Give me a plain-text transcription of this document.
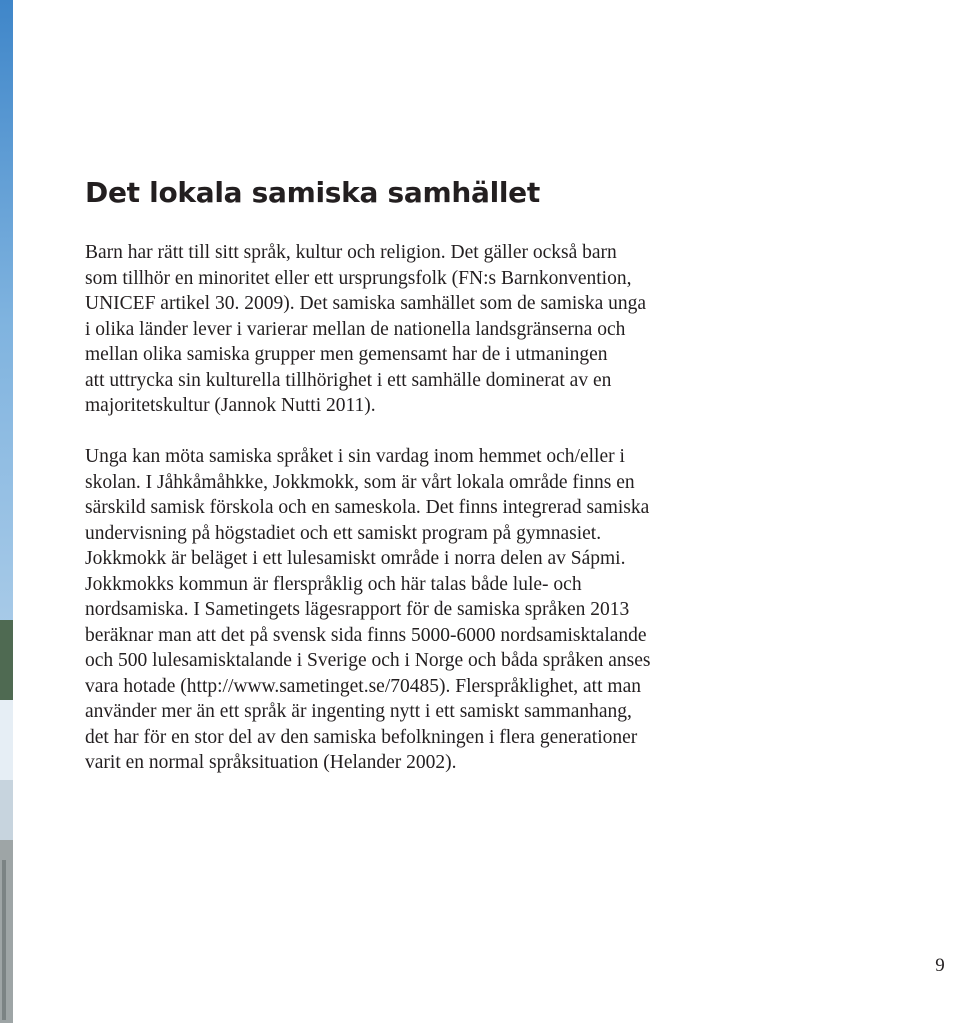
Det lokala samiska samhället

Barn har rätt till sitt språk, kultur och religion. Det gäller också barn
som tillhör en minoritet eller ett ursprungsfolk (FN:s Barnkonvention,
UNICEF artikel 30. 2009). Det samiska samhället som de samiska unga
i olika länder lever i varierar mellan de nationella landsgränserna och
mellan olika samiska grupper men gemensamt har de i utmaningen
att uttrycka sin kulturella tillhörighet i ett samhälle dominerat av en
majoritetskultur (Jannok Nutti 2011).

Unga kan möta samiska språket i sin vardag inom hemmet och/eller i
skolan. I Jåhkåmåhkke, Jokkmokk, som är vårt lokala område finns en
särskild samisk förskola och en sameskola. Det finns integrerad samiska
undervisning på högstadiet och ett samiskt program på gymnasiet.
Jokkmokk är beläget i ett lulesamiskt område i norra delen av Sápmi.
Jokkmokks kommun är flerspråklig och här talas både lule- och
nordsamiska. I Sametingets lägesrapport för de samiska språken 2013
beräknar man att det på svensk sida finns 5000-6000 nordsamisktalande
och 500 lulesamisktalande i Sverige och i Norge och båda språken anses
vara hotade (http://www.sametinget.se/70485). Flerspråklighet, att man
använder mer än ett språk är ingenting nytt i ett samiskt sammanhang,
det har för en stor del av den samiska befolkningen i flera generationer
varit en normal språksituation (Helander 2002).

9
